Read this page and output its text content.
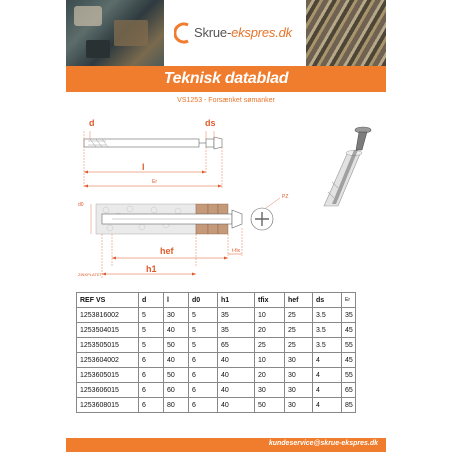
Skrue-ekspres.dk
Teknisk datablad
VS1253 - Forsænket sømanker
d	ds
l
Er
PZ
d0
hef	t-fix
h1
ZINKPLATET
REF VS	d	l	d0	h1	tfix	hef	ds	Er
1253816002	5	30	5	35	10	25	3.5	35
1253504015	5	40	5	35	20	25	3.5	45
1253505015	5	50	5	65	25	25	3.5	55
1253604002	6	40	6	40	10	30	4	45
1253605015	6	50	6	40	20	30	4	55
1253606015	6	60	6	40	30	30	4	65
1253608015	6	80	6	40	50	30	4	85
kundeservice@skrue-ekspres.dk
